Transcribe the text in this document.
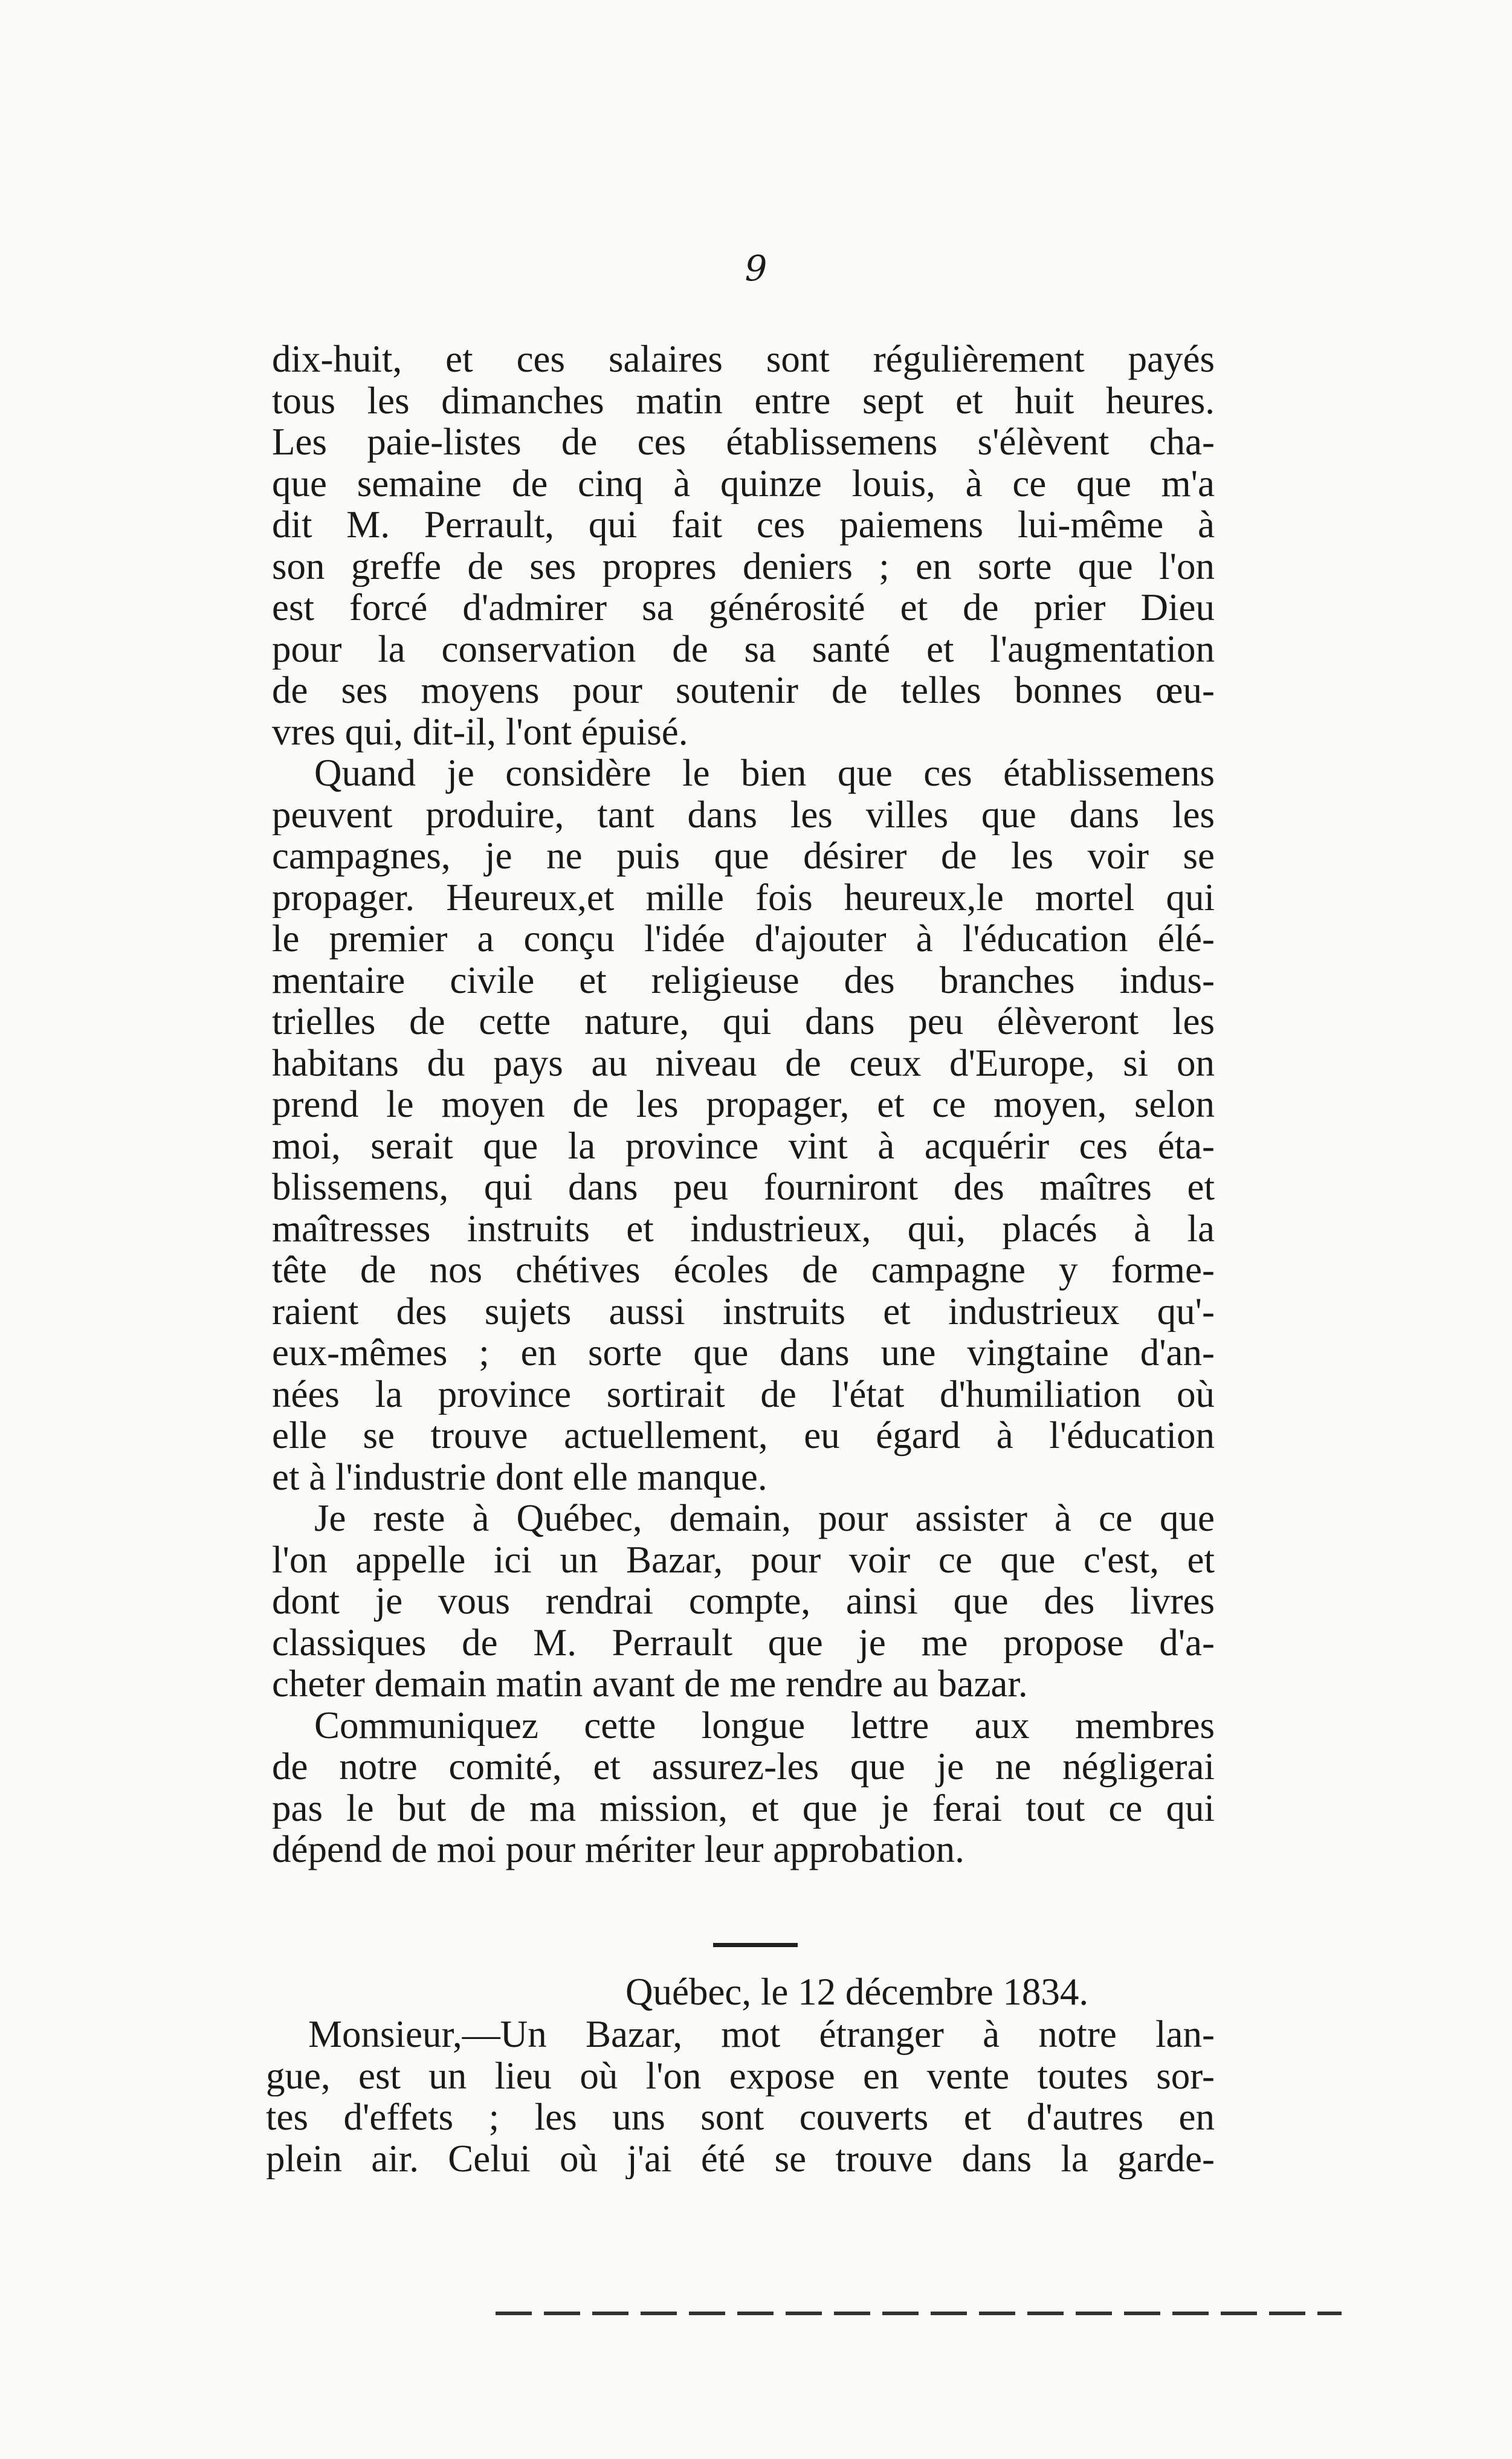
9
dix-huit, et ces salaires sont régulièrement payés
tous les dimanches matin entre sept et huit heures.
Les paie-listes de ces établissemens s'élèvent cha-
que semaine de cinq à quinze louis, à ce que m'a
dit M. Perrault, qui fait ces paiemens lui-même à
son greffe de ses propres deniers ; en sorte que l'on
est forcé d'admirer sa générosité et de prier Dieu
pour la conservation de sa santé et l'augmentation
de ses moyens pour soutenir de telles bonnes œu-
vres qui, dit-il, l'ont épuisé.
Quand je considère le bien que ces établissemens
peuvent produire, tant dans les villes que dans les
campagnes, je ne puis que désirer de les voir se
propager. Heureux,et mille fois heureux,le mortel qui
le premier a conçu l'idée d'ajouter à l'éducation élé-
mentaire civile et religieuse des branches indus-
trielles de cette nature, qui dans peu élèveront les
habitans du pays au niveau de ceux d'Europe, si on
prend le moyen de les propager, et ce moyen, selon
moi, serait que la province vint à acquérir ces éta-
blissemens, qui dans peu fourniront des maîtres et
maîtresses instruits et industrieux, qui, placés à la
tête de nos chétives écoles de campagne y forme-
raient des sujets aussi instruits et industrieux qu'-
eux-mêmes ; en sorte que dans une vingtaine d'an-
nées la province sortirait de l'état d'humiliation où
elle se trouve actuellement, eu égard à l'éducation
et à l'industrie dont elle manque.
Je reste à Québec, demain, pour assister à ce que
l'on appelle ici un Bazar, pour voir ce que c'est, et
dont je vous rendrai compte, ainsi que des livres
classiques de M. Perrault que je me propose d'a-
cheter demain matin avant de me rendre au bazar.
Communiquez cette longue lettre aux membres
de notre comité, et assurez-les que je ne négligerai
pas le but de ma mission, et que je ferai tout ce qui
dépend de moi pour mériter leur approbation.
Québec, le 12 décembre 1834.
Monsieur,—Un Bazar, mot étranger à notre lan-
gue, est un lieu où l'on expose en vente toutes sor-
tes d'effets ; les uns sont couverts et d'autres en
plein air. Celui où j'ai été se trouve dans la garde-
